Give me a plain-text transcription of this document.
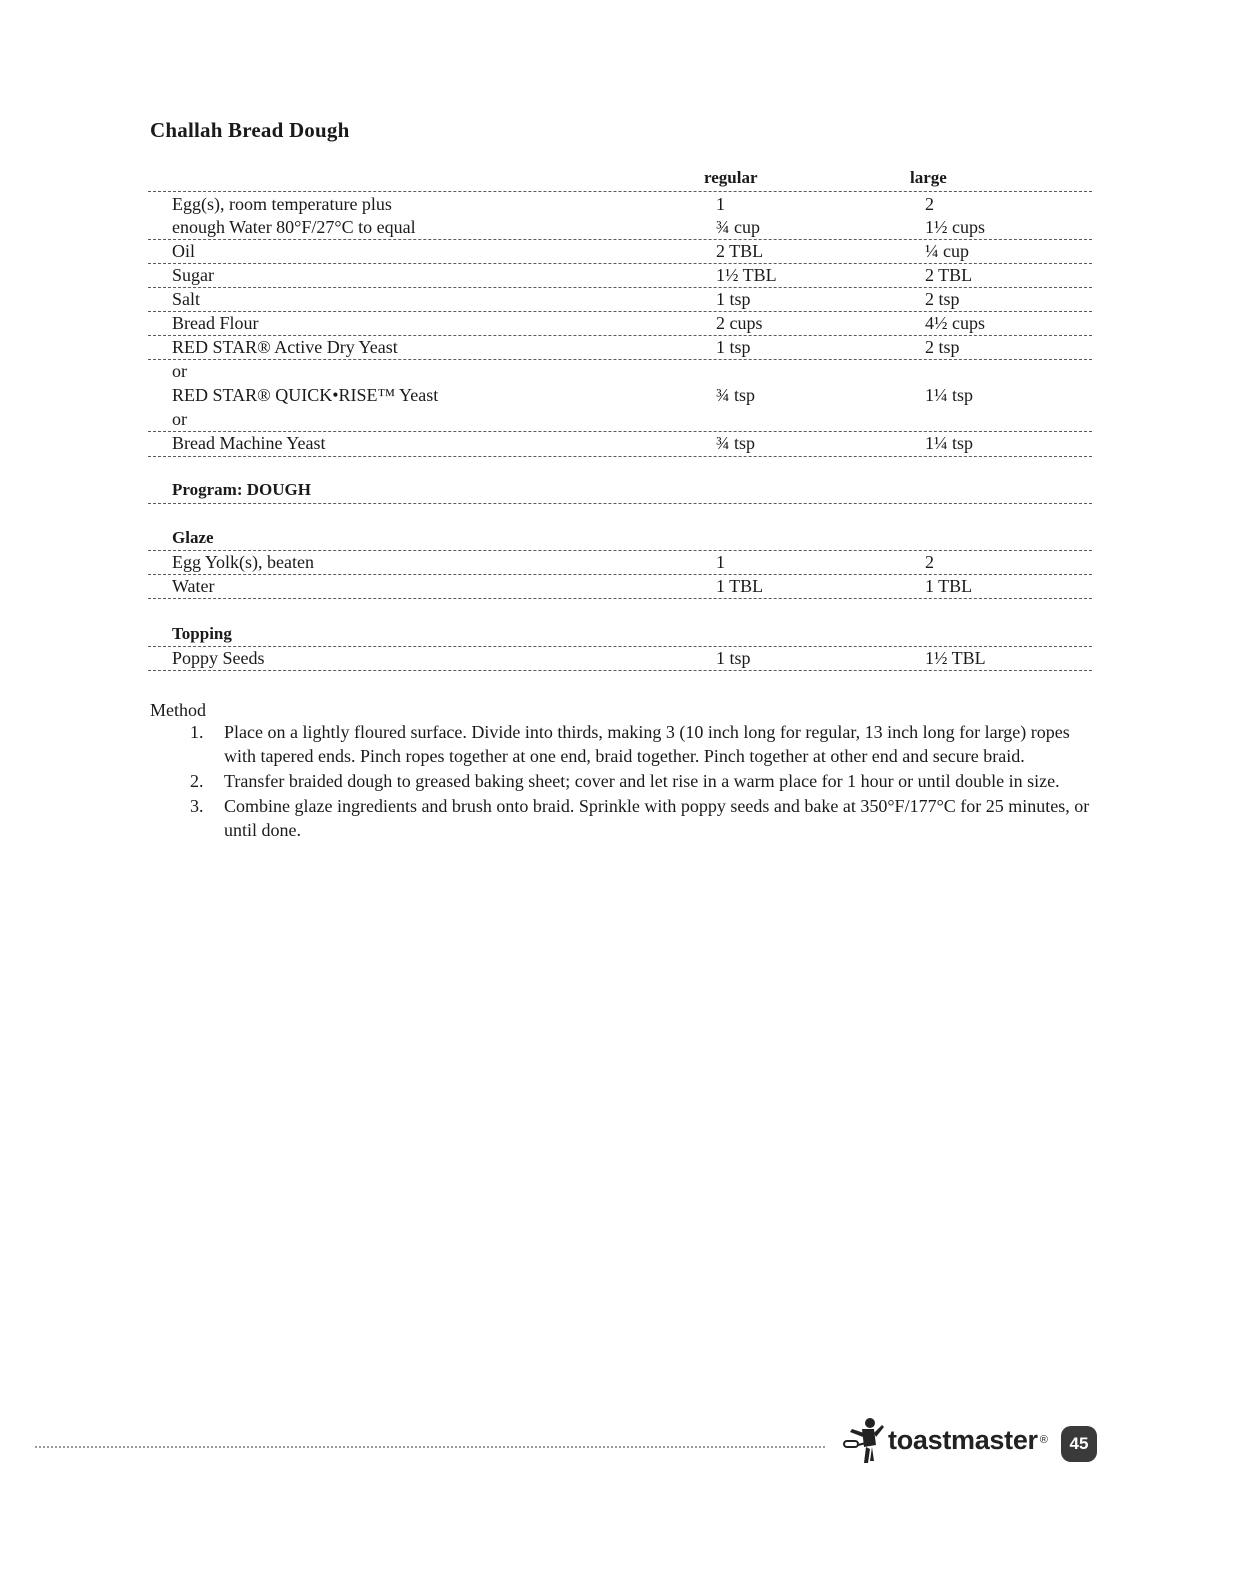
Challah Bread Dough
regular	large
Egg(s), room temperature plus	1	2
enough Water 80°F/27°C to equal	¾ cup	1½ cups
Oil	2 TBL	¼ cup
Sugar	1½ TBL	2 TBL
Salt	1 tsp	2 tsp
Bread Flour	2 cups	4½ cups
RED STAR® Active Dry Yeast	1 tsp	2 tsp
or
RED STAR® QUICK•RISE™ Yeast	¾ tsp	1¼ tsp
or
Bread Machine Yeast	¾ tsp	1¼ tsp
Program: DOUGH
Glaze
Egg Yolk(s), beaten	1	2
Water	1 TBL	1 TBL
Topping
Poppy Seeds	1 tsp	1½ TBL
Method
1. Place on a lightly floured surface. Divide into thirds, making 3 (10 inch long for regular, 13 inch long for large) ropes with tapered ends. Pinch ropes together at one end, braid together. Pinch together at other end and secure braid.
2. Transfer braided dough to greased baking sheet; cover and let rise in a warm place for 1 hour or until double in size.
3. Combine glaze ingredients and brush onto braid. Sprinkle with poppy seeds and bake at 350°F/177°C for 25 minutes, or until done.
toastmaster ®	45
